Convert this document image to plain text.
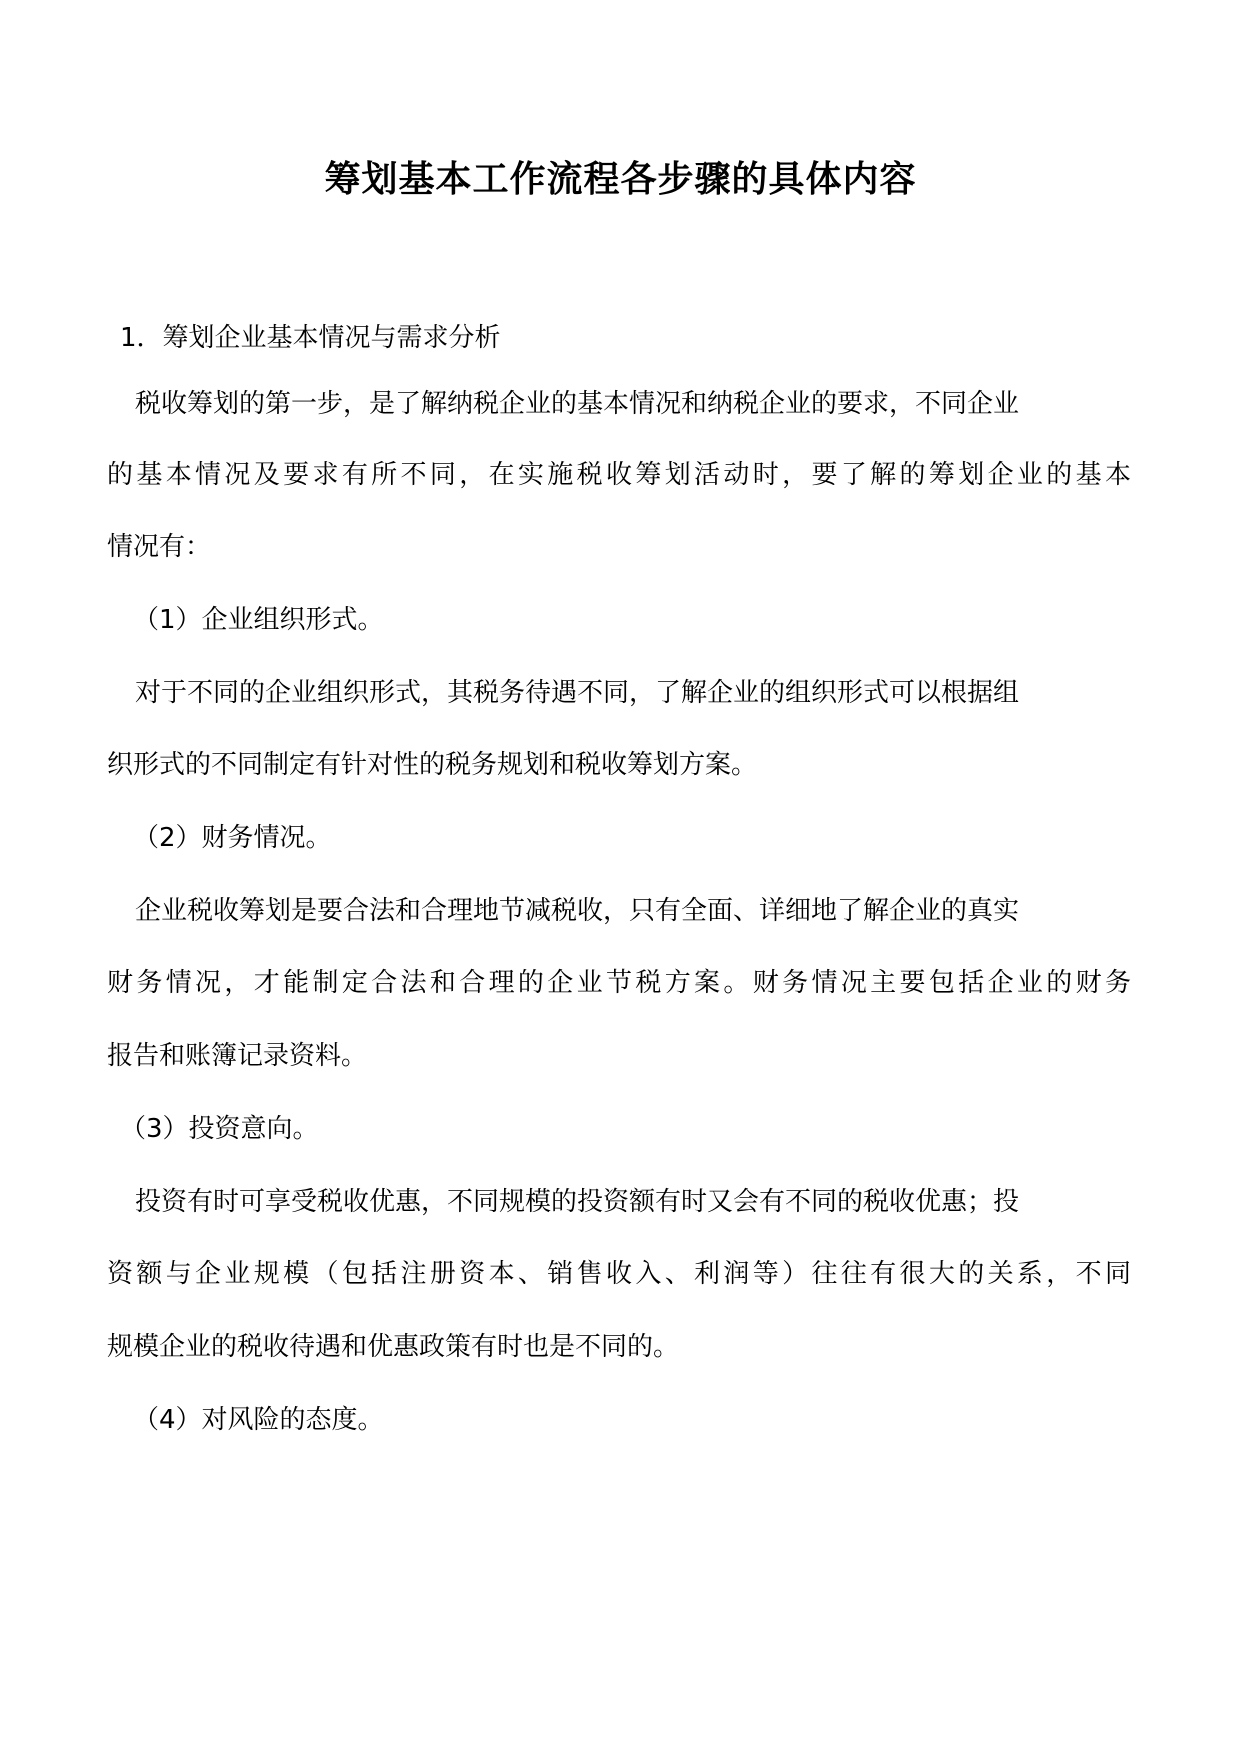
筹划基本工作流程各步骤的具体内容
1．筹划企业基本情况与需求分析
税收筹划的第一步，是了解纳税企业的基本情况和纳税企业的要求，不同企业
的基本情况及要求有所不同，在实施税收筹划活动时，要了解的筹划企业的基本
情况有：
（1）企业组织形式。
对于不同的企业组织形式，其税务待遇不同，了解企业的组织形式可以根据组
织形式的不同制定有针对性的税务规划和税收筹划方案。
（2）财务情况。
企业税收筹划是要合法和合理地节减税收，只有全面、详细地了解企业的真实
财务情况，才能制定合法和合理的企业节税方案。财务情况主要包括企业的财务
报告和账簿记录资料。
（3）投资意向。
投资有时可享受税收优惠，不同规模的投资额有时又会有不同的税收优惠；投
资额与企业规模（包括注册资本、销售收入、利润等）往往有很大的关系，不同
规模企业的税收待遇和优惠政策有时也是不同的。
（4）对风险的态度。
